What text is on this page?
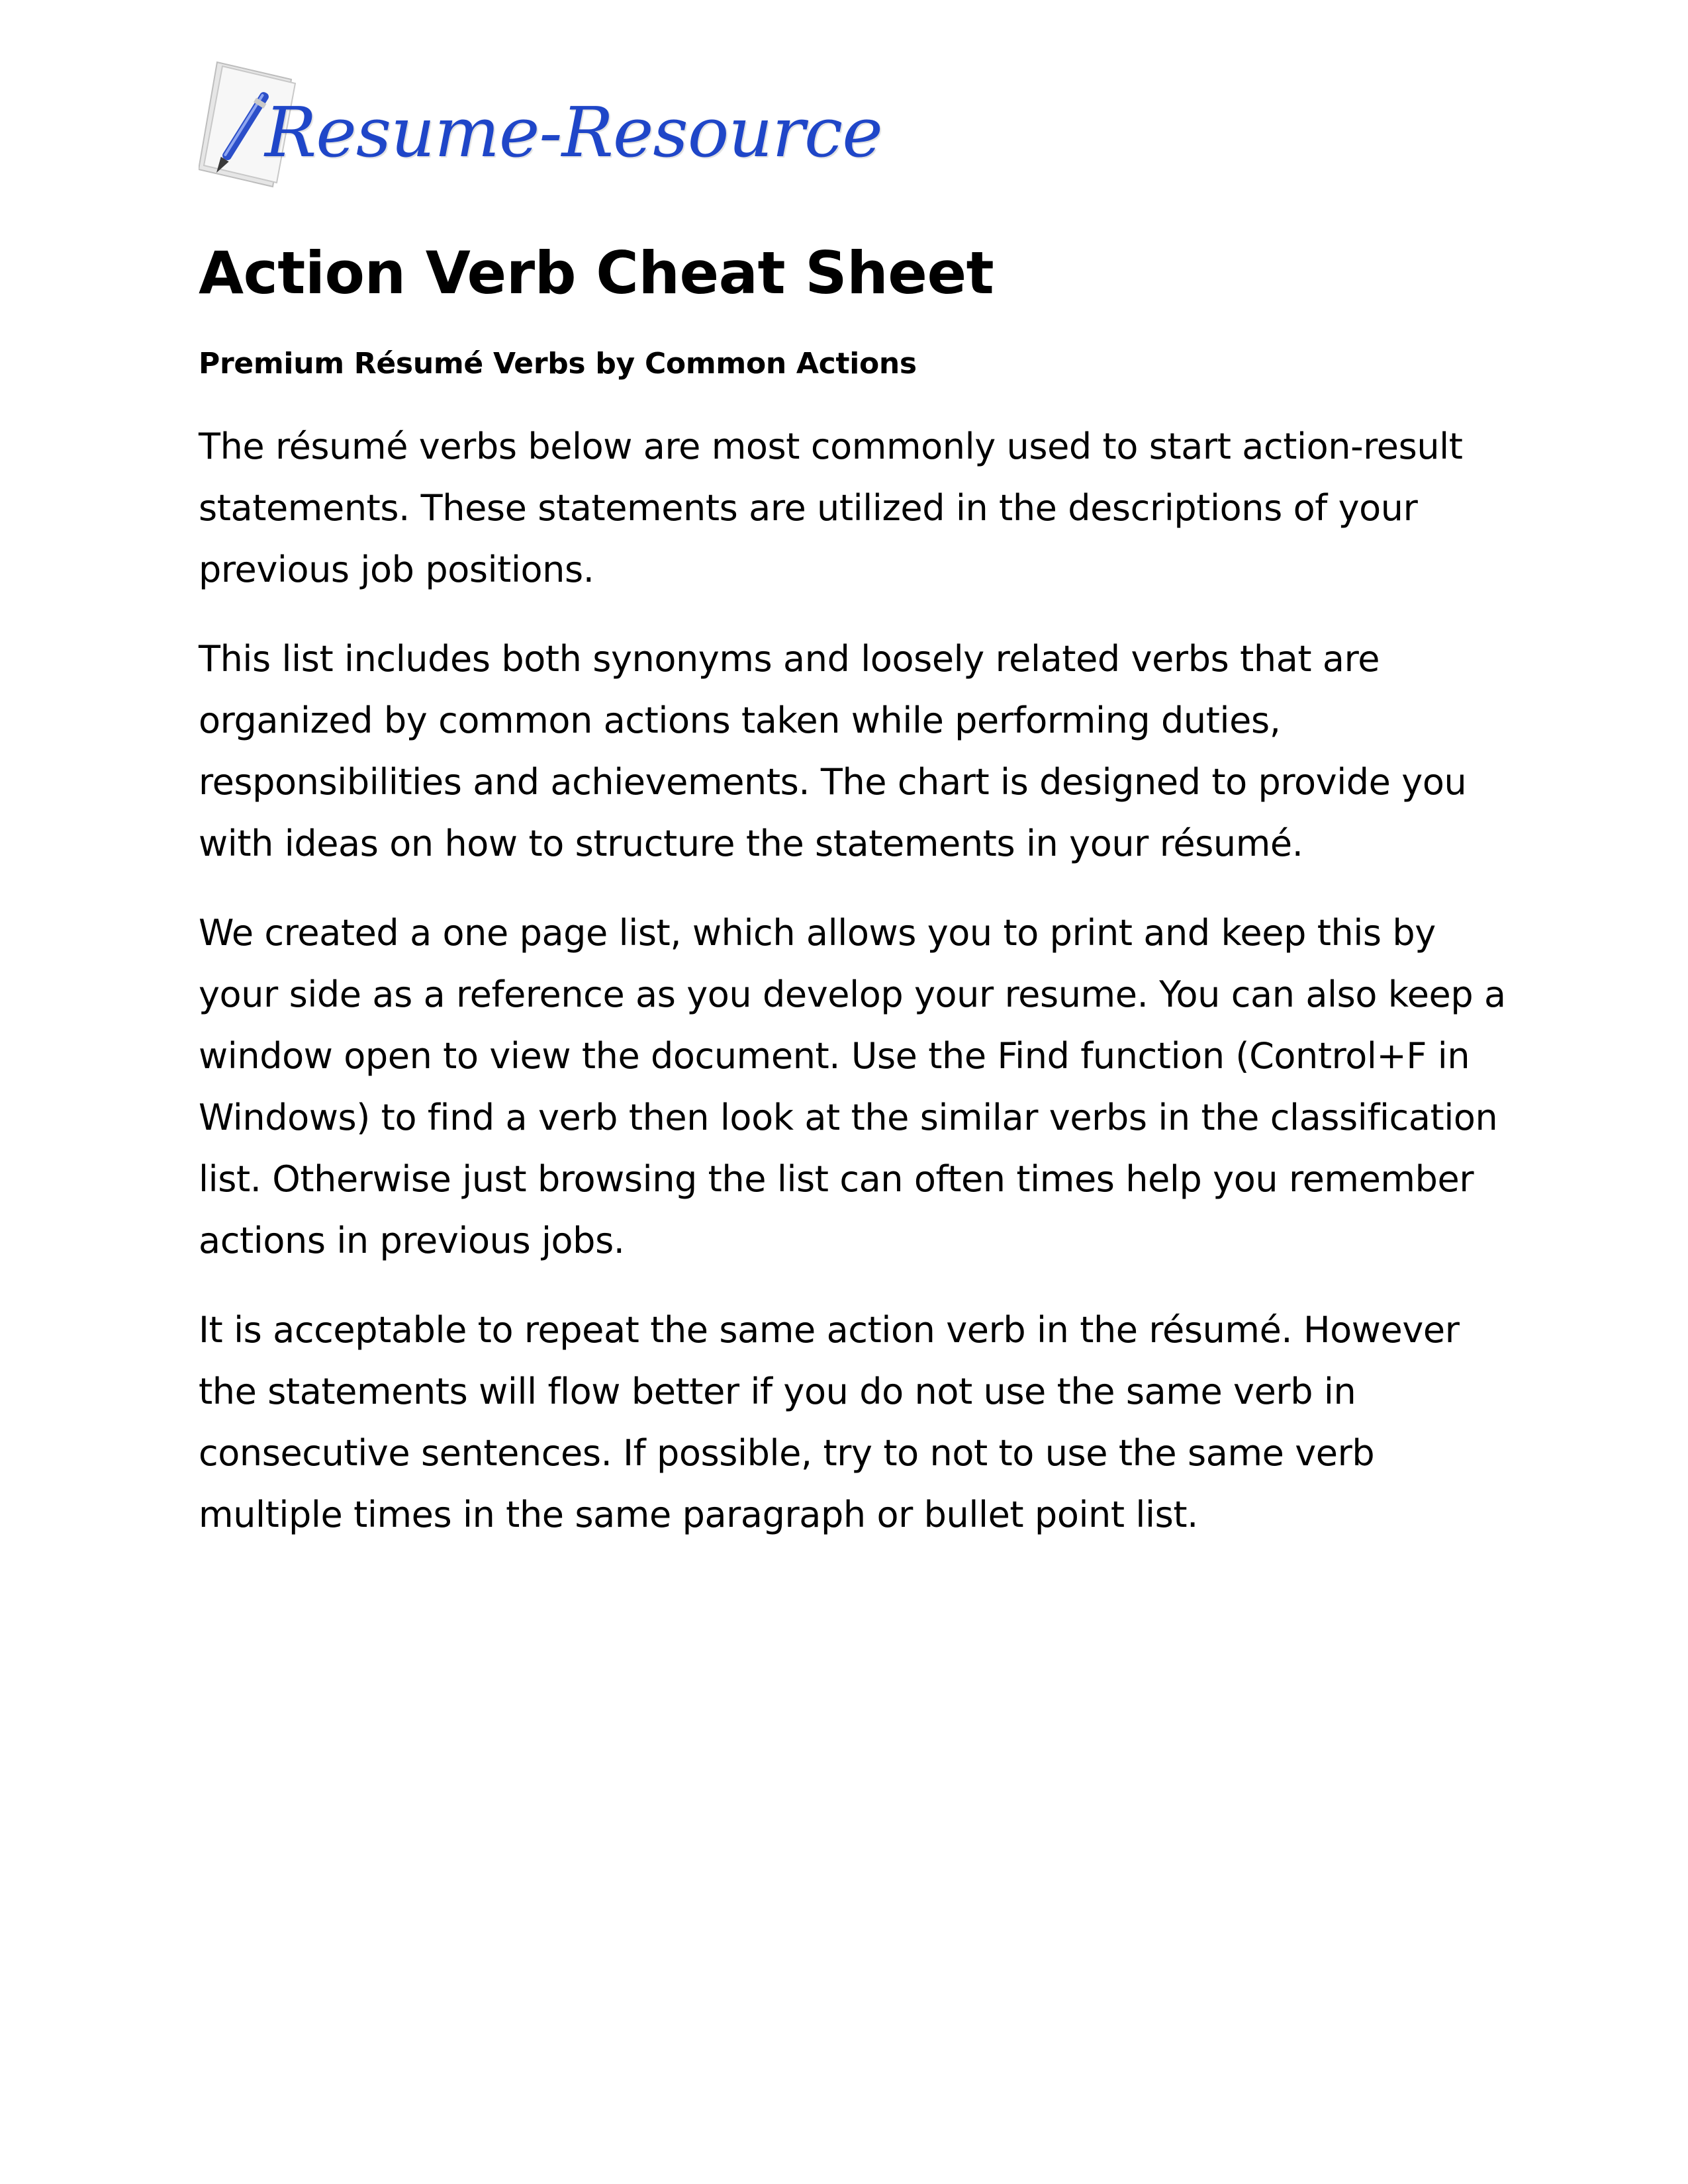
Resume-Resource
Action Verb Cheat Sheet

Premium Résumé Verbs by Common Actions

The résumé verbs below are most commonly used to start action-result statements. These statements are utilized in the descriptions of your previous job positions.

This list includes both synonyms and loosely related verbs that are organized by common actions taken while performing duties, responsibilities and achievements. The chart is designed to provide you with ideas on how to structure the statements in your résumé.

We created a one page list, which allows you to print and keep this by your side as a reference as you develop your resume. You can also keep a window open to view the document. Use the Find function (Control+F in Windows) to find a verb then look at the similar verbs in the classification list. Otherwise just browsing the list can often times help you remember actions in previous jobs.

It is acceptable to repeat the same action verb in the résumé. However the statements will flow better if you do not use the same verb in consecutive sentences. If possible, try to not to use the same verb multiple times in the same paragraph or bullet point list.
